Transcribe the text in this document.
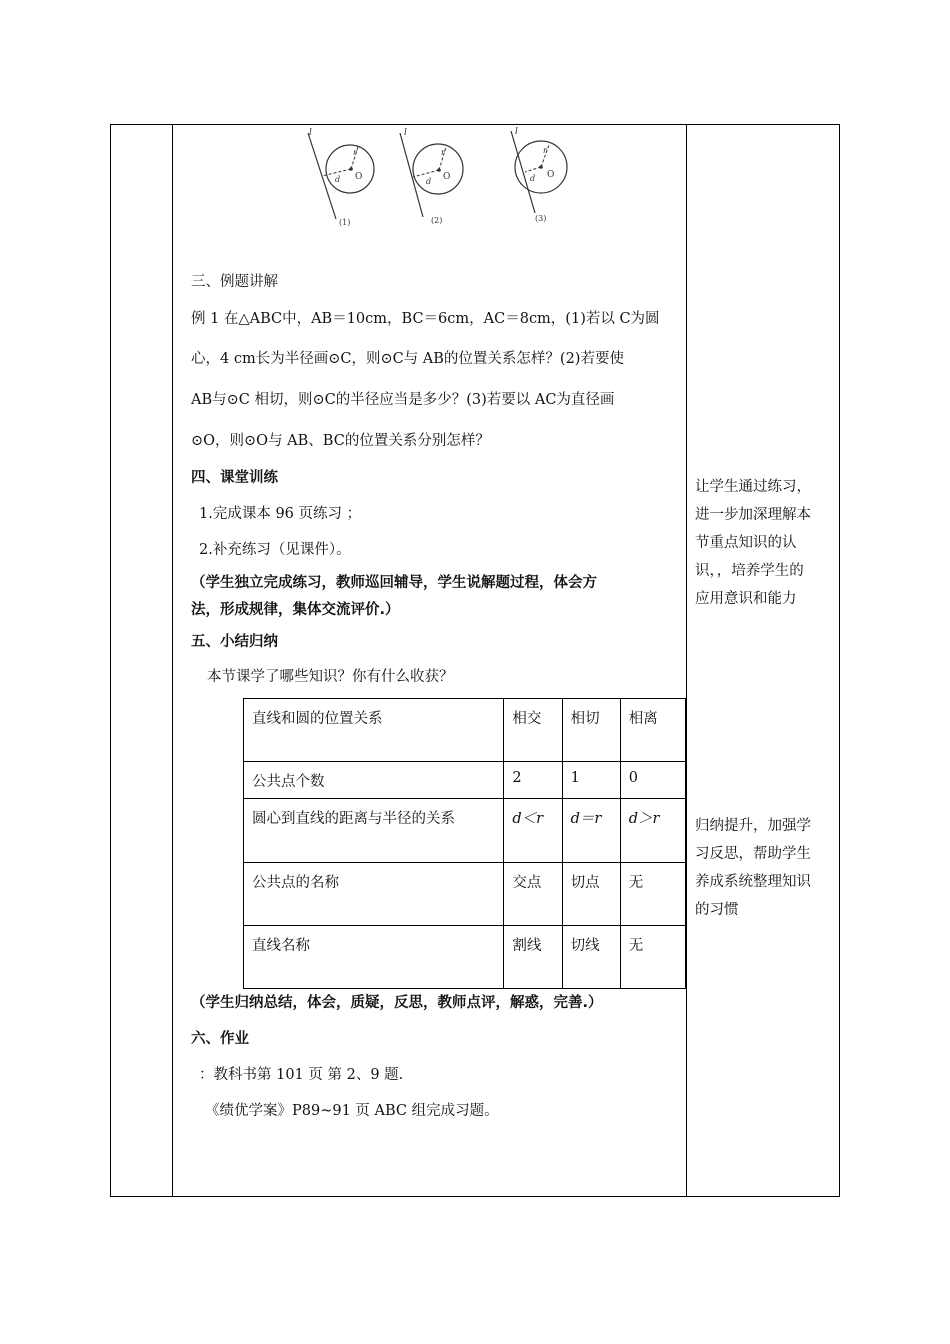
l
r
d O
(1)
l
r
d O
(2)
l
r
d O
(3)
三、例题讲解
例 1 在△ABC中，AB＝10cm，BC＝6cm，AC＝8cm，(1)若以 C为圆
心，4 cm长为半径画⊙C，则⊙C与 AB的位置关系怎样？(2)若要使
AB与⊙C 相切，则⊙C的半径应当是多少？(3)若要以 AC为直径画
⊙O，则⊙O与 AB、BC的位置关系分别怎样？
四、课堂训练
1.完成课本 96 页练习 ；
2.补充练习（见课件）。
（学生独立完成练习，教师巡回辅导，学生说解题过程，体会方
法，形成规律，集体交流评价.）
五、小结归纳
本节课学了哪些知识？你有什么收获？
直线和圆的位置关系	相交	相切	相离
公共点个数	2	1	0
圆心到直线的距离与半径的关系	d＜r	d＝r	d＞r
公共点的名称	交点	切点	无
直线名称	割线	切线	无
（学生归纳总结，体会，质疑，反思，教师点评，解惑，完善.）
六、作业
：教科书第 101 页 第 2、9 题.
《绩优学案》P89~91 页 ABC 组完成习题。
让学生通过练习，
进一步加深理解本
节重点知识的认
识，，培养学生的
应用意识和能力
归纳提升，加强学
习反思，帮助学生
养成系统整理知识
的习惯
